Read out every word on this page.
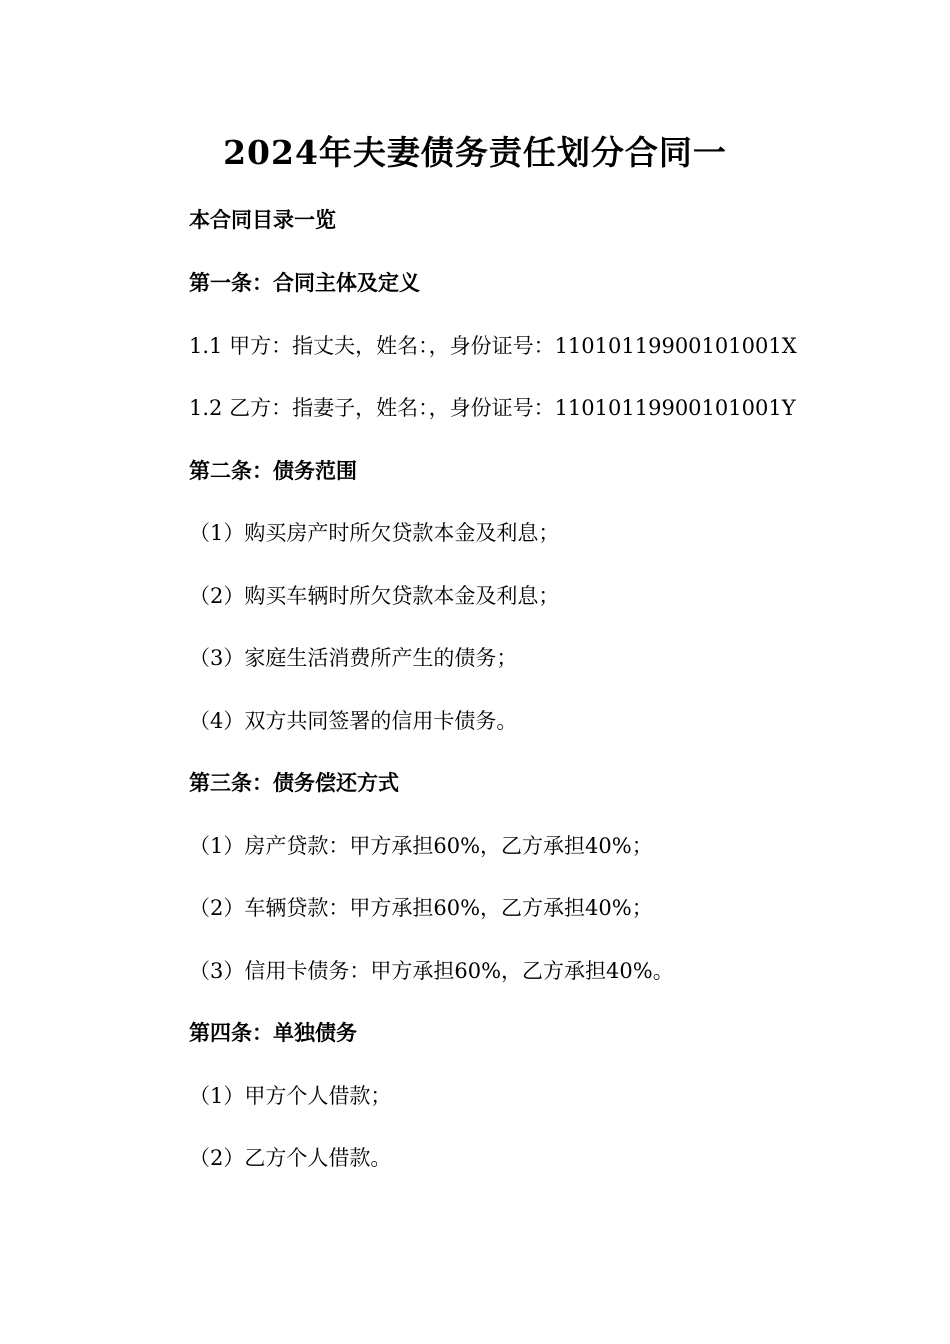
2024年夫妻债务责任划分合同一
本合同目录一览
第一条：合同主体及定义
1.1 甲方：指丈夫，姓名：，身份证号：11010119900101001X
1.2 乙方：指妻子，姓名：，身份证号：11010119900101001Y
第二条：债务范围
（1）购买房产时所欠贷款本金及利息；
（2）购买车辆时所欠贷款本金及利息；
（3）家庭生活消费所产生的债务；
（4）双方共同签署的信用卡债务。
第三条：债务偿还方式
（1）房产贷款：甲方承担60%，乙方承担40%；
（2）车辆贷款：甲方承担60%，乙方承担40%；
（3）信用卡债务：甲方承担60%，乙方承担40%。
第四条：单独债务
（1）甲方个人借款；
（2）乙方个人借款。
